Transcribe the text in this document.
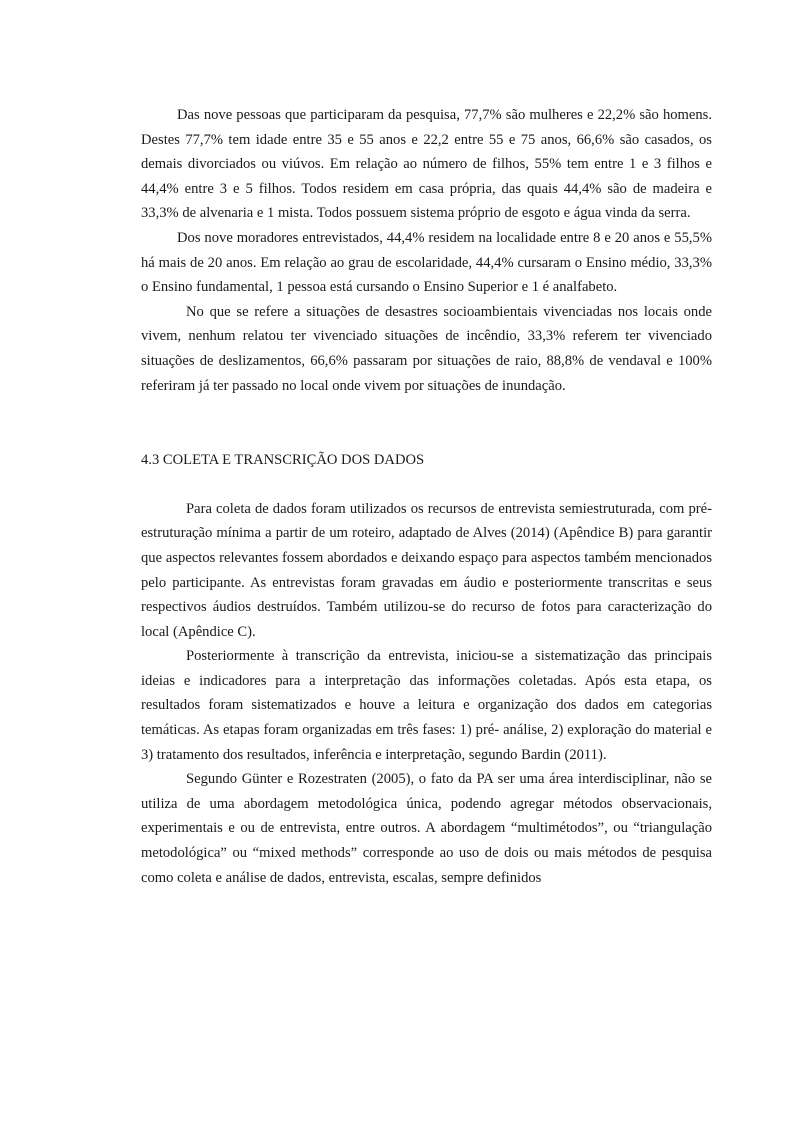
Das nove pessoas que participaram da pesquisa, 77,7% são mulheres e 22,2% são homens. Destes 77,7% tem idade entre 35 e 55 anos e 22,2 entre 55 e 75 anos, 66,6% são casados, os demais divorciados ou viúvos. Em relação ao número de filhos, 55% tem entre 1 e 3 filhos e 44,4% entre 3 e 5 filhos. Todos residem em casa própria, das quais 44,4% são de madeira e 33,3% de alvenaria e 1 mista. Todos possuem sistema próprio de esgoto e água vinda da serra.

Dos nove moradores entrevistados, 44,4% residem na localidade entre 8 e 20 anos e 55,5% há mais de 20 anos. Em relação ao grau de escolaridade, 44,4% cursaram o Ensino médio, 33,3% o Ensino fundamental, 1 pessoa está cursando o Ensino Superior e 1 é analfabeto.

No que se refere a situações de desastres socioambientais vivenciadas nos locais onde vivem, nenhum relatou ter vivenciado situações de incêndio, 33,3% referem ter vivenciado situações de deslizamentos, 66,6% passaram por situações de raio, 88,8% de vendaval e 100% referiram já ter passado no local onde vivem por situações de inundação.

4.3 COLETA E TRANSCRIÇÃO DOS DADOS

Para coleta de dados foram utilizados os recursos de entrevista semiestruturada, com pré-estruturação mínima a partir de um roteiro, adaptado de Alves (2014) (Apêndice B) para garantir que aspectos relevantes fossem abordados e deixando espaço para aspectos também mencionados pelo participante. As entrevistas foram gravadas em áudio e posteriormente transcritas e seus respectivos áudios destruídos. Também utilizou-se do recurso de fotos para caracterização do local (Apêndice C).

Posteriormente à transcrição da entrevista, iniciou-se a sistematização das principais ideias e indicadores para a interpretação das informações coletadas. Após esta etapa, os resultados foram sistematizados e houve a leitura e organização dos dados em categorias temáticas. As etapas foram organizadas em três fases: 1) pré- análise, 2) exploração do material e 3) tratamento dos resultados, inferência e interpretação, segundo Bardin (2011).

Segundo Günter e Rozestraten (2005), o fato da PA ser uma área interdisciplinar, não se utiliza de uma abordagem metodológica única, podendo agregar métodos observacionais, experimentais e ou de entrevista, entre outros. A abordagem “multimétodos”, ou “triangulação metodológica” ou “mixed methods” corresponde ao uso de dois ou mais métodos de pesquisa como coleta e análise de dados, entrevista, escalas, sempre definidos
